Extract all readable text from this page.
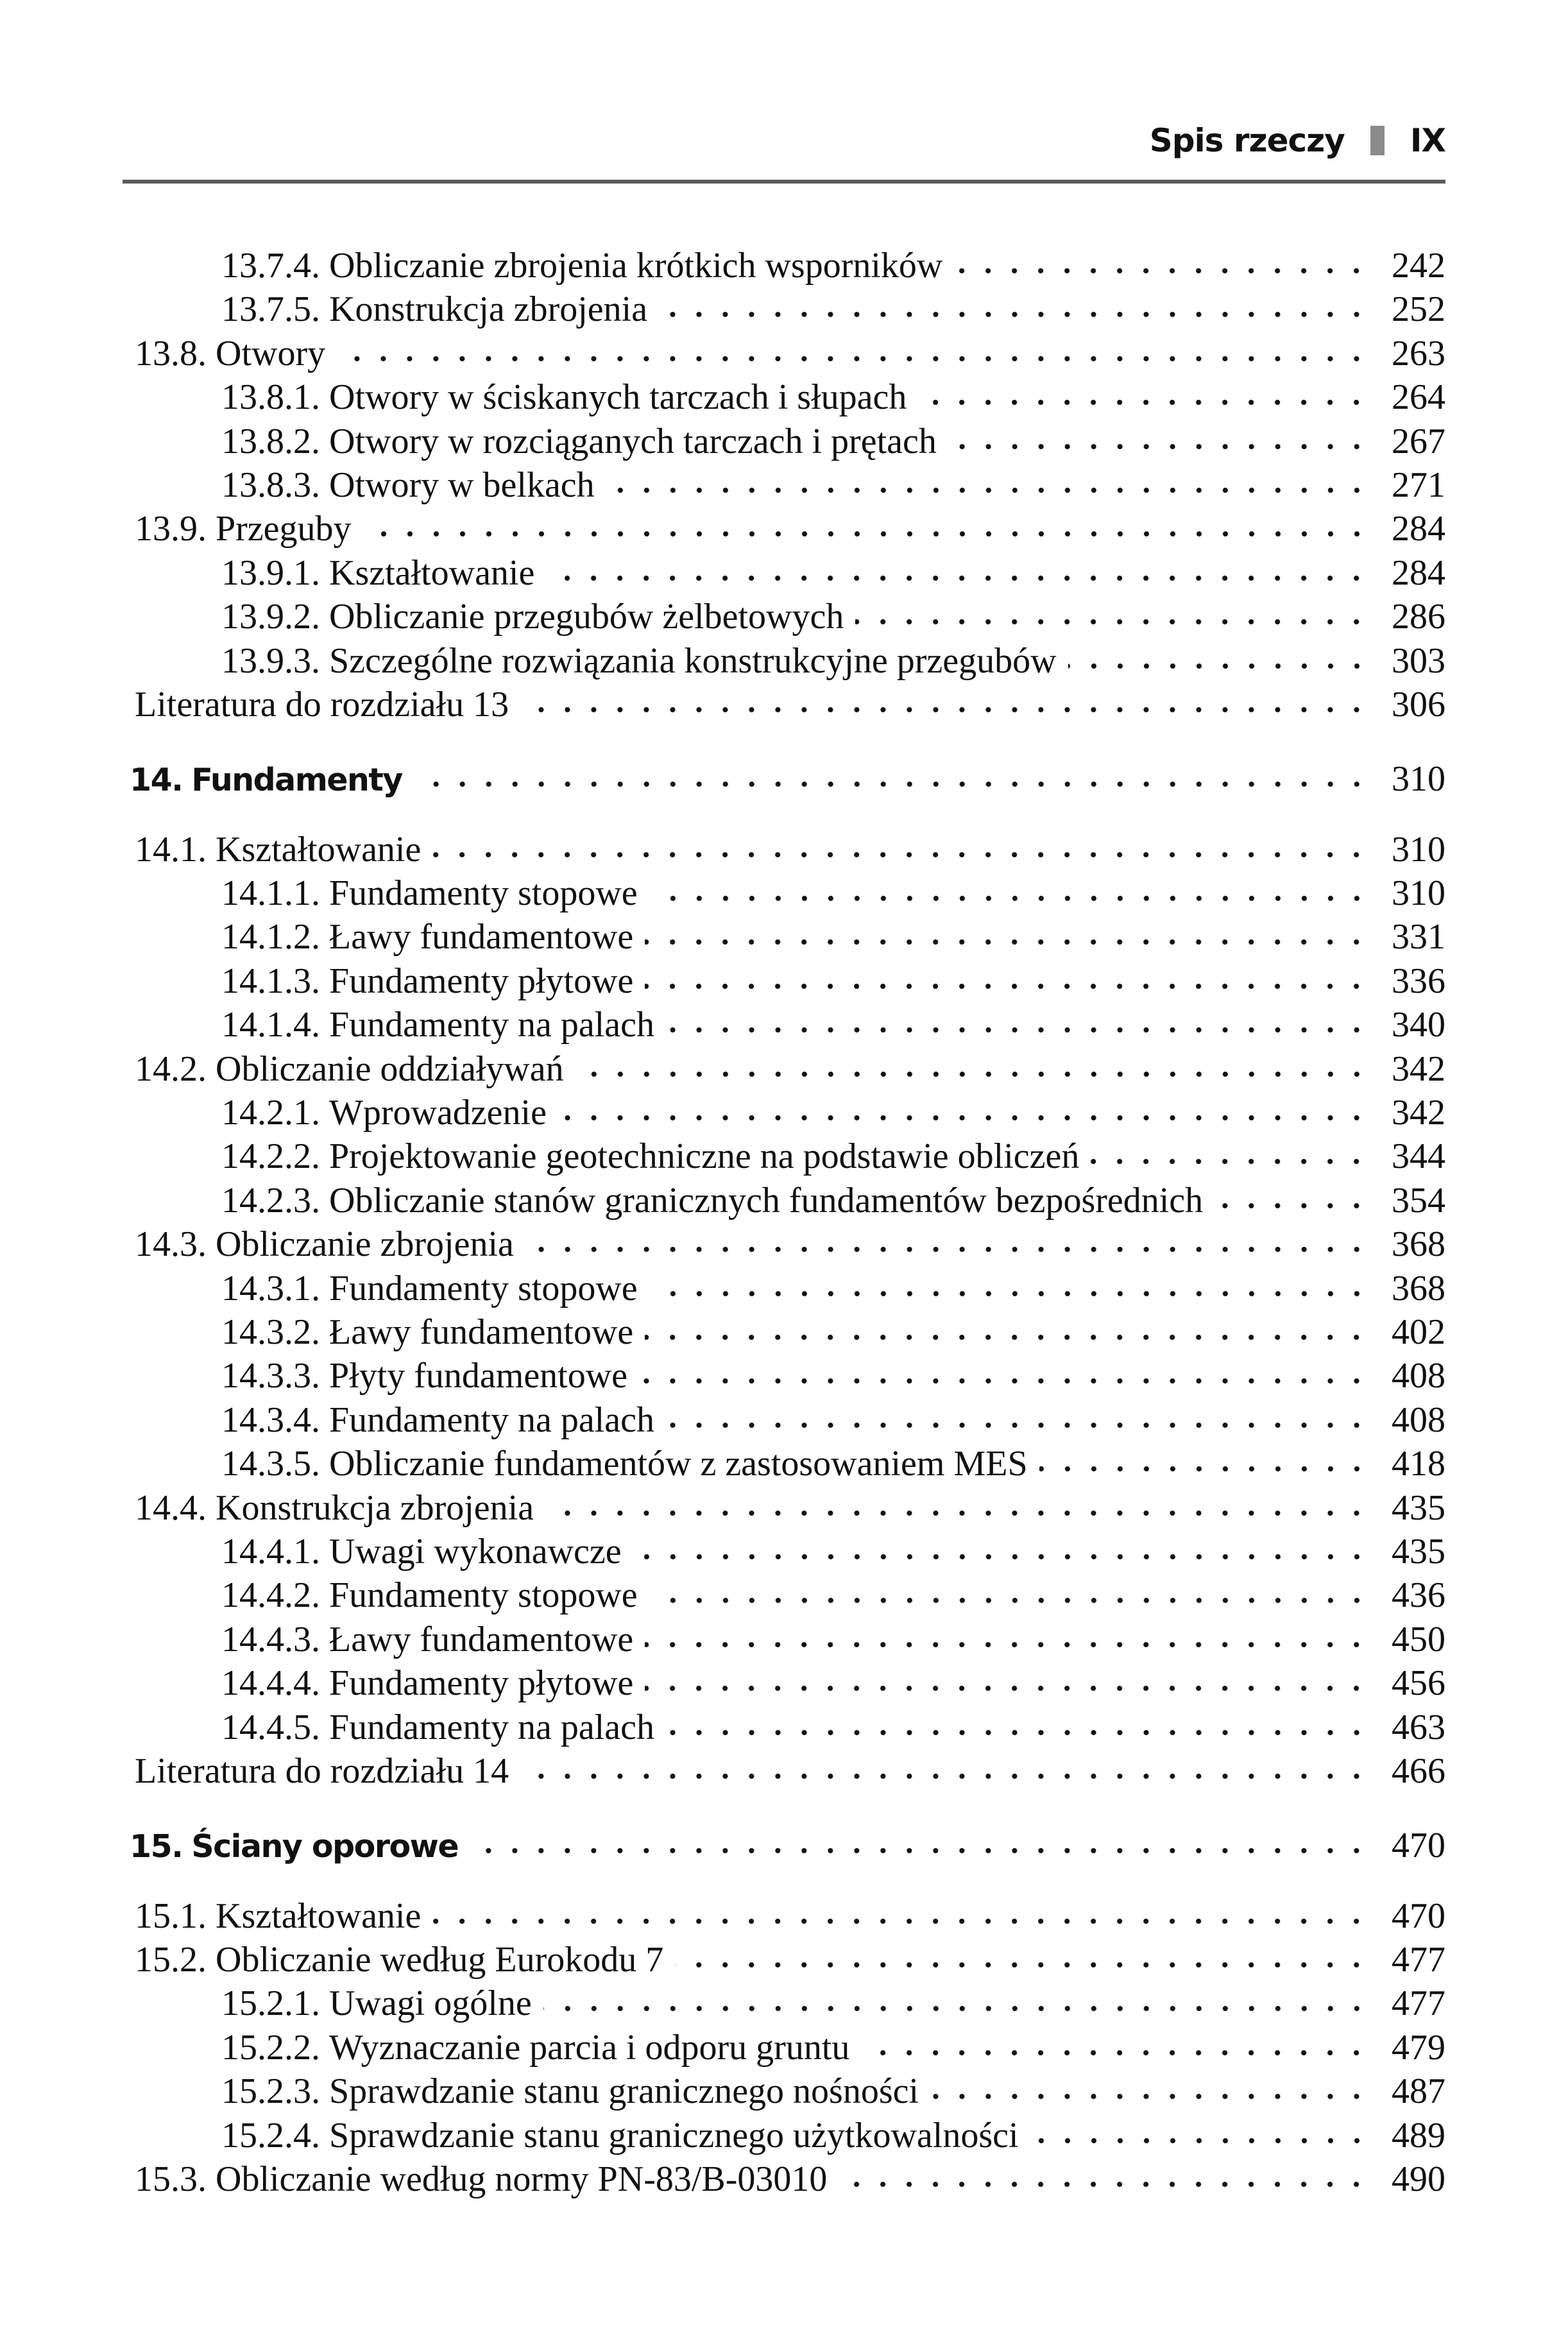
Spis rzeczy IX
13.7.4. Obliczanie zbrojenia krótkich wsporników	242
13.7.5. Konstrukcja zbrojenia	252
13.8. Otwory	263
13.8.1. Otwory w ściskanych tarczach i słupach	264
13.8.2. Otwory w rozciąganych tarczach i prętach	267
13.8.3. Otwory w belkach	271
13.9. Przeguby	284
13.9.1. Kształtowanie	284
13.9.2. Obliczanie przegubów żelbetowych	286
13.9.3. Szczególne rozwiązania konstrukcyjne przegubów	303
Literatura do rozdziału 13	306
14. Fundamenty	310
14.1. Kształtowanie	310
14.1.1. Fundamenty stopowe	310
14.1.2. Ławy fundamentowe	331
14.1.3. Fundamenty płytowe	336
14.1.4. Fundamenty na palach	340
14.2. Obliczanie oddziaływań	342
14.2.1. Wprowadzenie	342
14.2.2. Projektowanie geotechniczne na podstawie obliczeń	344
14.2.3. Obliczanie stanów granicznych fundamentów bezpośrednich	354
14.3. Obliczanie zbrojenia	368
14.3.1. Fundamenty stopowe	368
14.3.2. Ławy fundamentowe	402
14.3.3. Płyty fundamentowe	408
14.3.4. Fundamenty na palach	408
14.3.5. Obliczanie fundamentów z zastosowaniem MES	418
14.4. Konstrukcja zbrojenia	435
14.4.1. Uwagi wykonawcze	435
14.4.2. Fundamenty stopowe	436
14.4.3. Ławy fundamentowe	450
14.4.4. Fundamenty płytowe	456
14.4.5. Fundamenty na palach	463
Literatura do rozdziału 14	466
15. Ściany oporowe	470
15.1. Kształtowanie	470
15.2. Obliczanie według Eurokodu 7	477
15.2.1. Uwagi ogólne	477
15.2.2. Wyznaczanie parcia i odporu gruntu	479
15.2.3. Sprawdzanie stanu granicznego nośności	487
15.2.4. Sprawdzanie stanu granicznego użytkowalności	489
15.3. Obliczanie według normy PN-83/B-03010	490
